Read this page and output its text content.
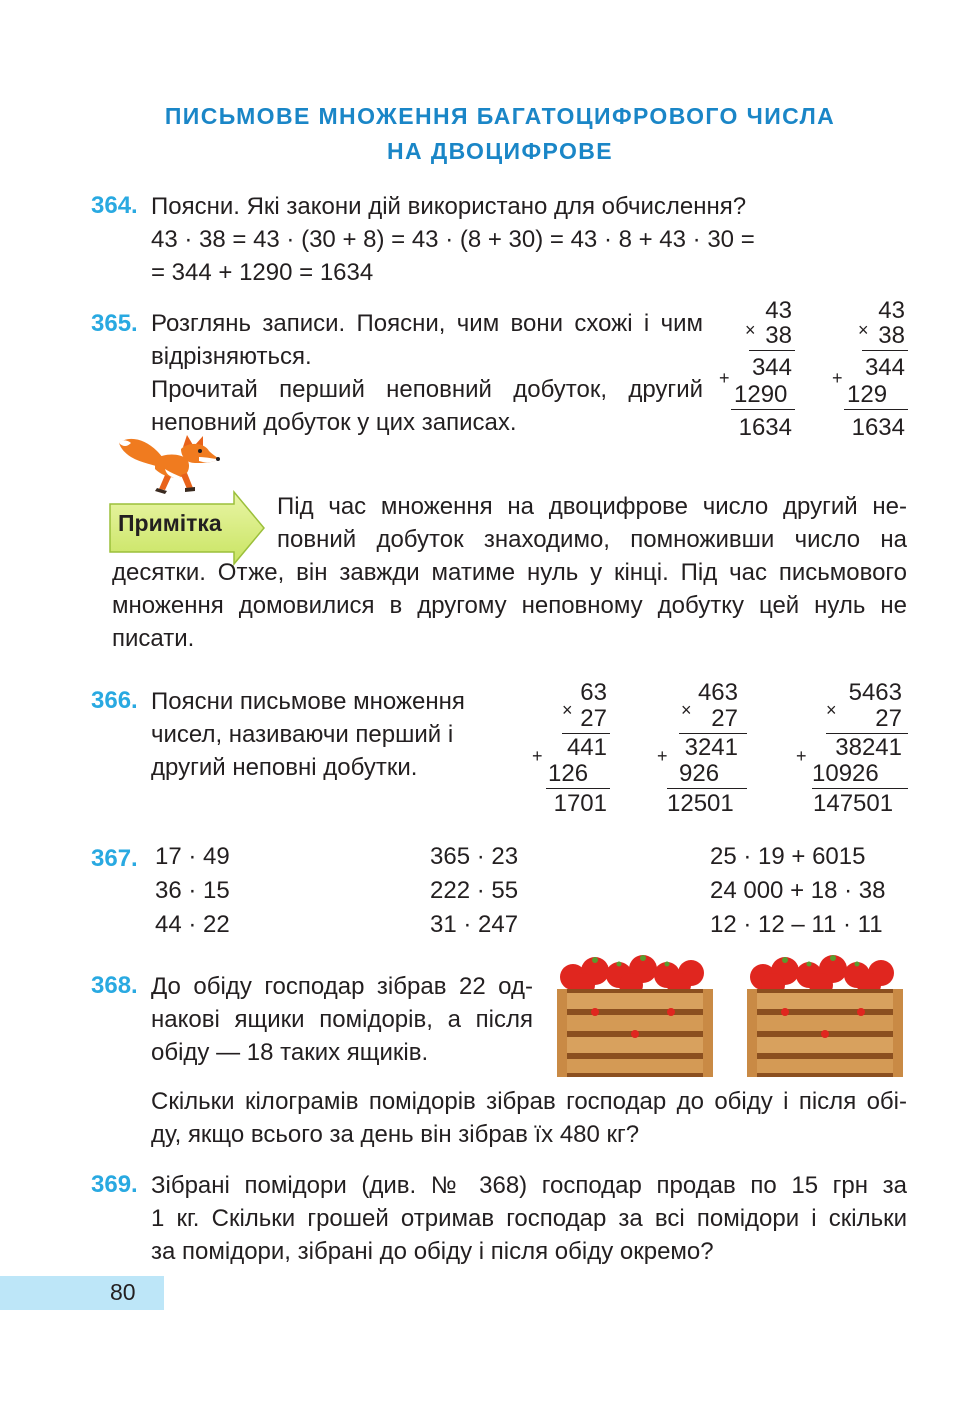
ПИСЬМОВЕ МНОЖЕННЯ БАГАТОЦИФРОВОГО ЧИСЛА
НА ДВОЦИФРОВЕ
364. Поясни. Які закони дій використано для обчислення?
43 · 38 = 43 · (30 + 8) = 43 · (8 + 30) = 43 · 8 + 43 · 30 =
= 344 + 1290 = 1634
365. Розглянь записи. Поясни, чим вони схожі і чим
відрізняються.
Прочитай перший неповний добуток, другий
неповний добуток у цих записах.
43
× 38
344
+
1290
1634
43
× 38
344
+
129
1634
Примітка
Під час множення на двоцифрове число другий не-
повний добуток знаходимо, помноживши число на
десятки. Отже, він завжди матиме нуль у кінці. Під час письмового
множення домовилися в другому неповному добутку цей нуль не
писати.
366. Поясни письмове множення
чисел, називаючи перший і
другий неповні добутки.
63
× 27
441
+
126
1701
463
× 27
3241
+
926
12501
5463
× 27
38241
+
10926
147501
367. 17 · 49
36 · 15
44 · 22
365 · 23
222 · 55
31 · 247
25 · 19 + 6015
24 000 + 18 · 38
12 · 12 – 11 · 11
368. До обіду господар зібрав 22 од-
накові ящики помідорів, а після
обіду — 18 таких ящиків.
Скільки кілограмів помідорів зібрав господар до обіду і після обі-
ду, якщо всього за день він зібрав їх 480 кг?
369. Зібрані помідори (див. № 368) господар продав по 15 грн за
1 кг. Скільки грошей отримав господар за всі помідори і скільки
за помідори, зібрані до обіду і після обіду окремо?
80
